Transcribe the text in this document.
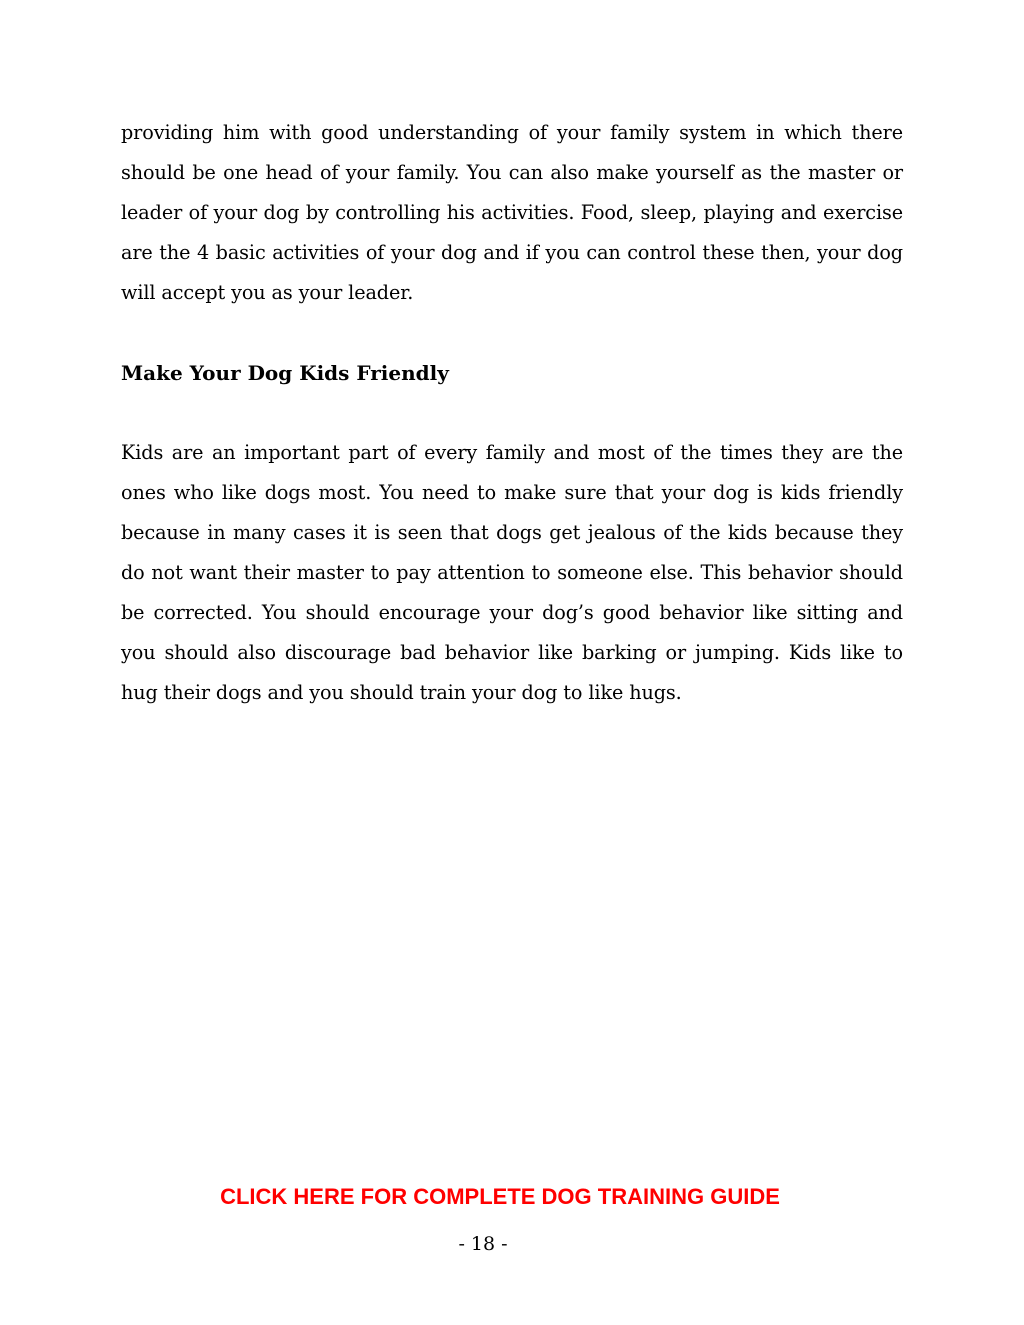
providing him with good understanding of your family system in which there should be one head of your family. You can also make yourself as the master or leader of your dog by controlling his activities. Food, sleep, playing and exercise are the 4 basic activities of your dog and if you can control these then, your dog will accept you as your leader.

Make Your Dog Kids Friendly

Kids are an important part of every family and most of the times they are the ones who like dogs most. You need to make sure that your dog is kids friendly because in many cases it is seen that dogs get jealous of the kids because they do not want their master to pay attention to someone else. This behavior should be corrected. You should encourage your dog’s good behavior like sitting and you should also discourage bad behavior like barking or jumping. Kids like to hug their dogs and you should train your dog to like hugs.

CLICK HERE FOR COMPLETE DOG TRAINING GUIDE
- 18 -
